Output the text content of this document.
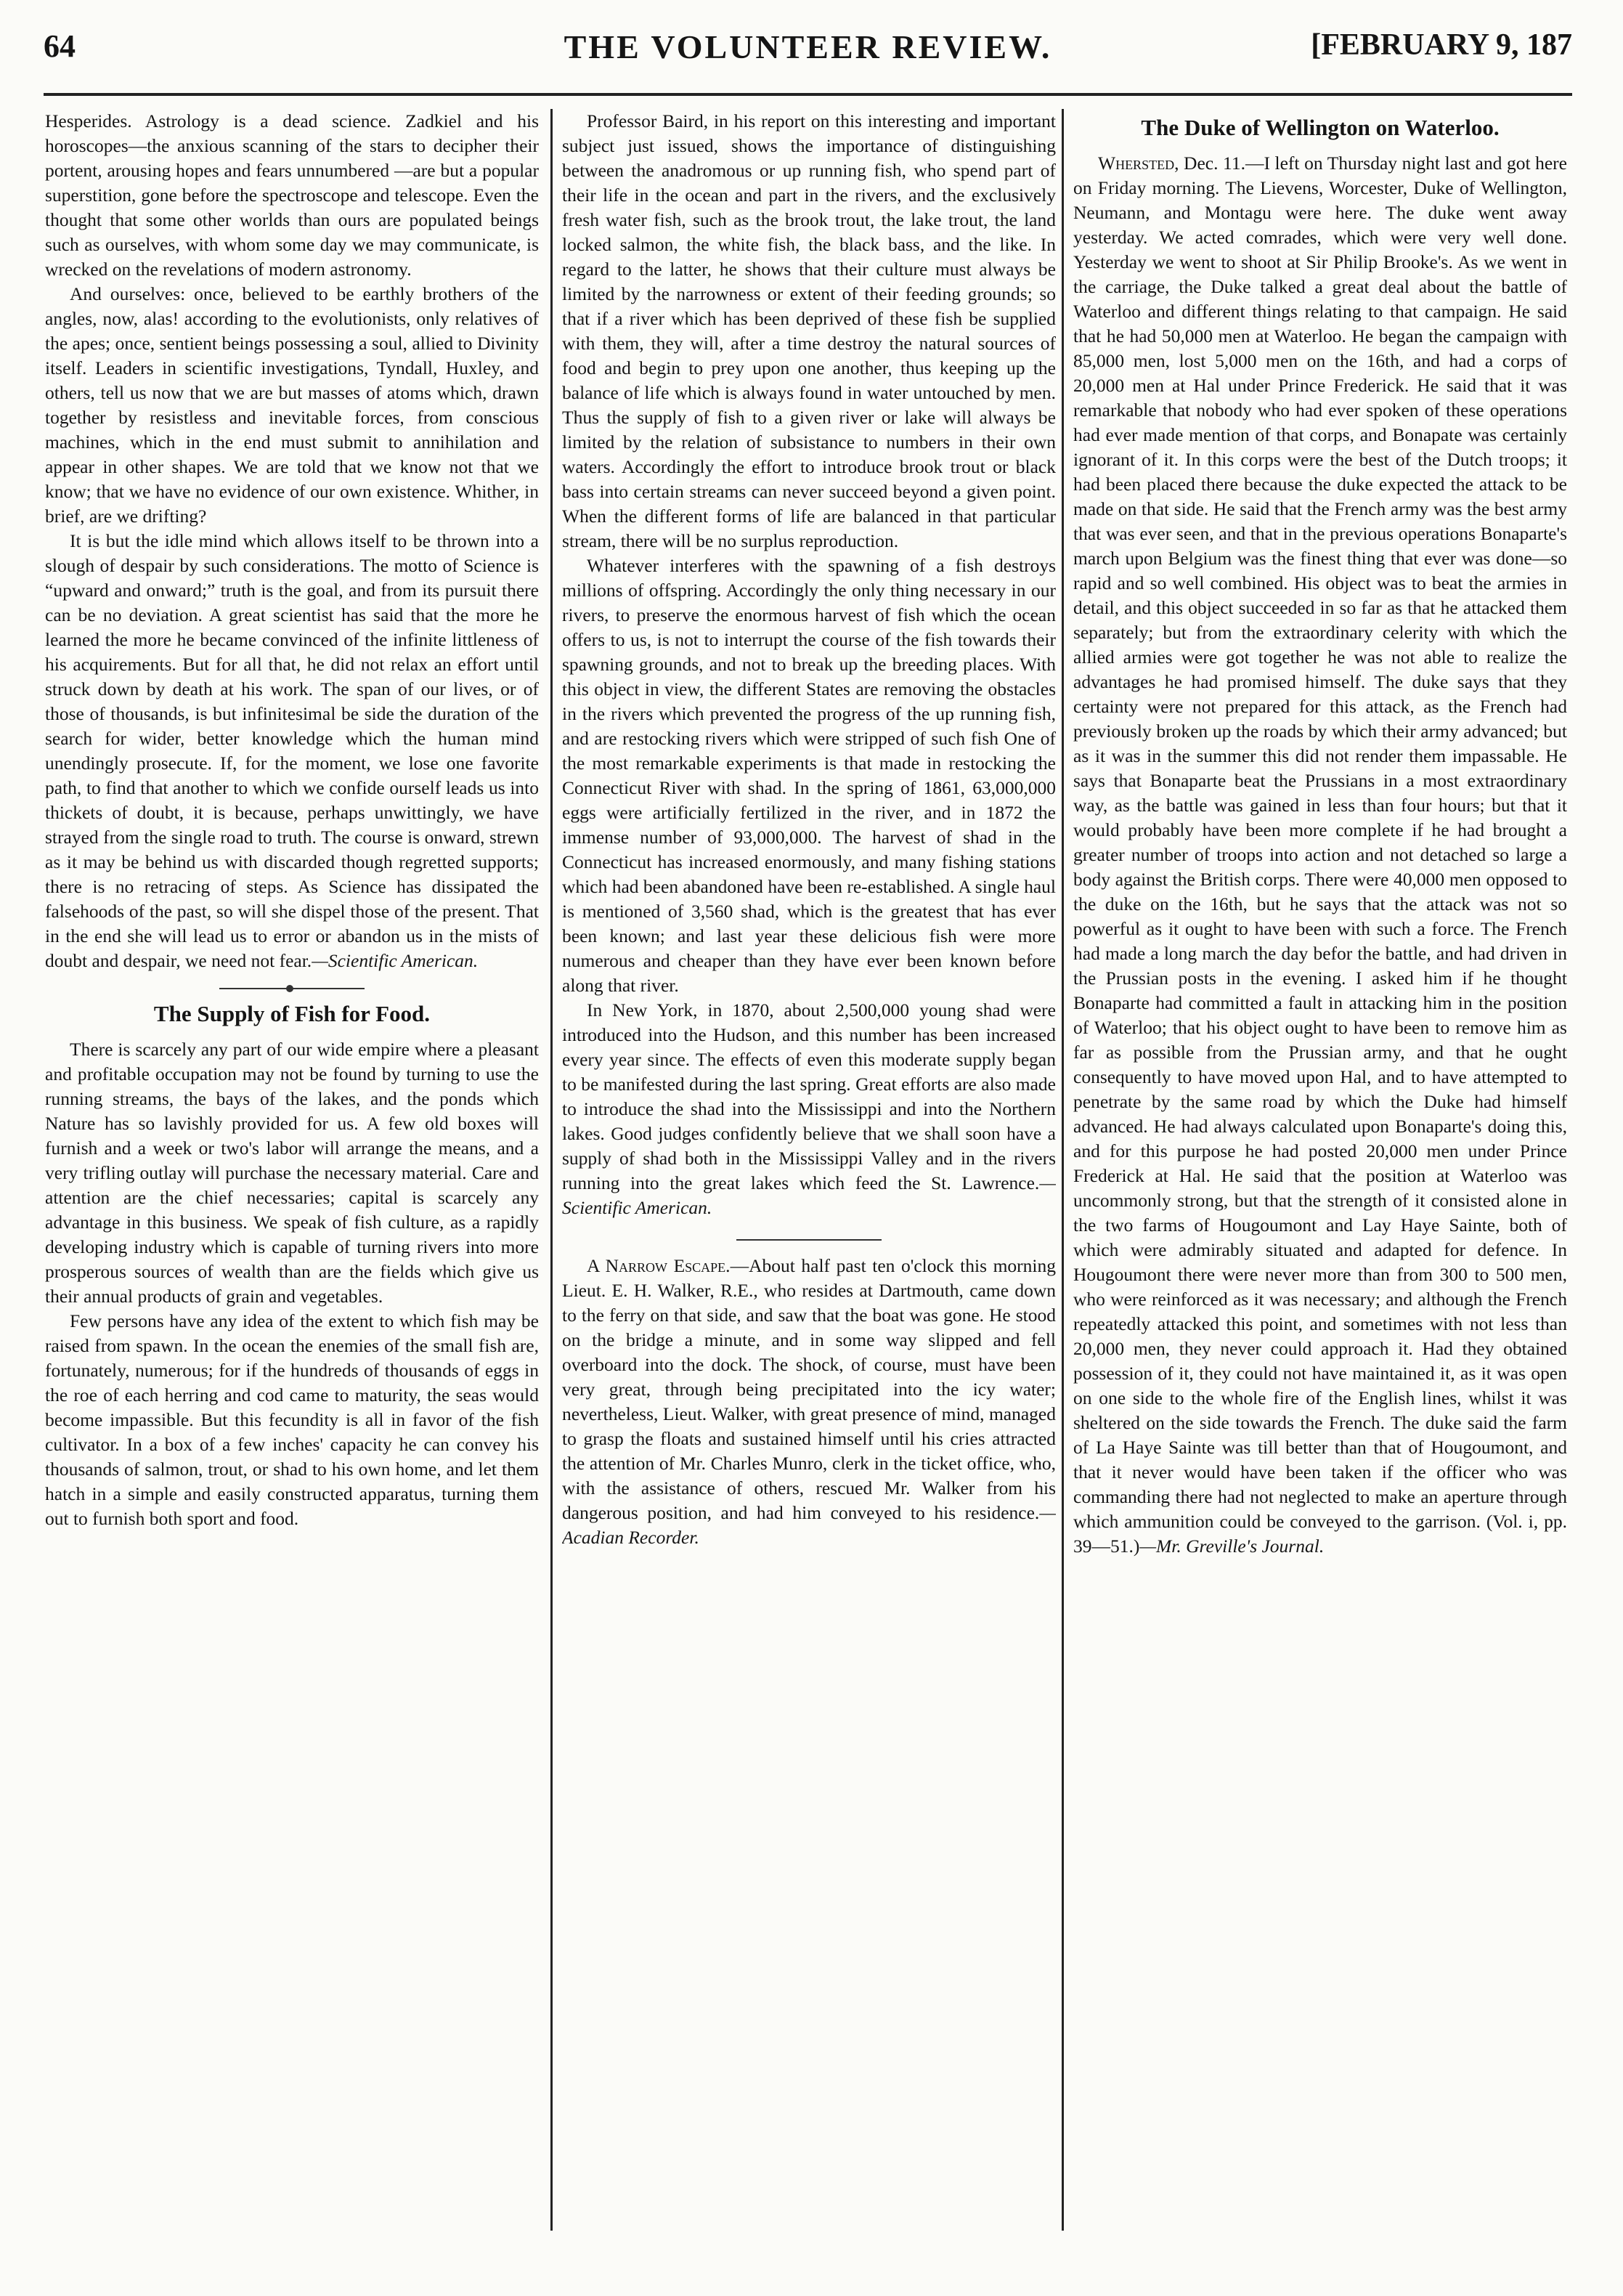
64	THE VOLUNTEER REVIEW.	[FEBRUARY 9, 187

Hesperides. Astrology is a dead science. Zadkiel and his horoscopes—the anxious scanning of the stars to decipher their portent, arousing hopes and fears unnumbered —are but a popular superstition, gone before the spectroscope and telescope. Even the thought that some other worlds than ours are populated beings such as ourselves, with whom some day we may communicate, is wrecked on the revelations of modern astronomy.

And ourselves: once, believed to be earthly brothers of the angles, now, alas! according to the evolutionists, only relatives of the apes; once, sentient beings possessing a soul, allied to Divinity itself. Leaders in scientific investigations, Tyndall, Huxley, and others, tell us now that we are but masses of atoms which, drawn together by resistless and inevitable forces, from conscious machines, which in the end must submit to annihilation and appear in other shapes. We are told that we know not that we know; that we have no evidence of our own existence. Whither, in brief, are we drifting?

It is but the idle mind which allows itself to be thrown into a slough of despair by such considerations. The motto of Science is “upward and onward;” truth is the goal, and from its pursuit there can be no deviation. A great scientist has said that the more he learned the more he became convinced of the infinite littleness of his acquirements. But for all that, he did not relax an effort until struck down by death at his work. The span of our lives, or of those of thousands, is but infinitesimal be side the duration of the search for wider, better knowledge which the human mind unendingly prosecute. If, for the moment, we lose one favorite path, to find that another to which we confide ourself leads us into thickets of doubt, it is because, perhaps unwittingly, we have strayed from the single road to truth. The course is onward, strewn as it may be behind us with discarded though regretted supports; there is no retracing of steps. As Science has dissipated the falsehoods of the past, so will she dispel those of the present. That in the end she will lead us to error or abandon us in the mists of doubt and despair, we need not fear.—Scientific American.

The Supply of Fish for Food.

There is scarcely any part of our wide empire where a pleasant and profitable occupation may not be found by turning to use the running streams, the bays of the lakes, and the ponds which Nature has so lavishly provided for us. A few old boxes will furnish and a week or two's labor will arrange the means, and a very trifling outlay will purchase the necessary material. Care and attention are the chief necessaries; capital is scarcely any advantage in this business. We speak of fish culture, as a rapidly developing industry which is capable of turning rivers into more prosperous sources of wealth than are the fields which give us their annual products of grain and vegetables.

Few persons have any idea of the extent to which fish may be raised from spawn. In the ocean the enemies of the small fish are, fortunately, numerous; for if the hundreds of thousands of eggs in the roe of each herring and cod came to maturity, the seas would become impassible. But this fecundity is all in favor of the fish cultivator. In a box of a few inches' capacity he can convey his thousands of salmon, trout, or shad to his own home, and let them hatch in a simple and easily constructed apparatus, turning them out to furnish both sport and food.

Professor Baird, in his report on this interesting and important subject just issued, shows the importance of distinguishing between the anadromous or up running fish, who spend part of their life in the ocean and part in the rivers, and the exclusively fresh water fish, such as the brook trout, the lake trout, the land locked salmon, the white fish, the black bass, and the like. In regard to the latter, he shows that their culture must always be limited by the narrowness or extent of their feeding grounds; so that if a river which has been deprived of these fish be supplied with them, they will, after a time destroy the natural sources of food and begin to prey upon one another, thus keeping up the balance of life which is always found in water untouched by men. Thus the supply of fish to a given river or lake will always be limited by the relation of subsistance to numbers in their own waters. Accordingly the effort to introduce brook trout or black bass into certain streams can never succeed beyond a given point. When the different forms of life are balanced in that particular stream, there will be no surplus reproduction.

Whatever interferes with the spawning of a fish destroys millions of offspring. Accordingly the only thing necessary in our rivers, to preserve the enormous harvest of fish which the ocean offers to us, is not to interrupt the course of the fish towards their spawning grounds, and not to break up the breeding places. With this object in view, the different States are removing the obstacles in the rivers which prevented the progress of the up running fish, and are restocking rivers which were stripped of such fish One of the most remarkable experiments is that made in restocking the Connecticut River with shad. In the spring of 1861, 63,000,000 eggs were artificially fertilized in the river, and in 1872 the immense number of 93,000,000. The harvest of shad in the Connecticut has increased enormously, and many fishing stations which had been abandoned have been re-established. A single haul is mentioned of 3,560 shad, which is the greatest that has ever been known; and last year these delicious fish were more numerous and cheaper than they have ever been known before along that river.

In New York, in 1870, about 2,500,000 young shad were introduced into the Hudson, and this number has been increased every year since. The effects of even this moderate supply began to be manifested during the last spring. Great efforts are also made to introduce the shad into the Mississippi and into the Northern lakes. Good judges confidently believe that we shall soon have a supply of shad both in the Mississippi Valley and in the rivers running into the great lakes which feed the St. Lawrence.—Scientific American.

A Narrow Escape.—About half past ten o'clock this morning Lieut. E. H. Walker, R.E., who resides at Dartmouth, came down to the ferry on that side, and saw that the boat was gone. He stood on the bridge a minute, and in some way slipped and fell overboard into the dock. The shock, of course, must have been very great, through being precipitated into the icy water; nevertheless, Lieut. Walker, with great presence of mind, managed to grasp the floats and sustained himself until his cries attracted the attention of Mr. Charles Munro, clerk in the ticket office, who, with the assistance of others, rescued Mr. Walker from his dangerous position, and had him conveyed to his residence.—Acadian Recorder.

The Duke of Wellington on Waterloo.

Whersted, Dec. 11.—I left on Thursday night last and got here on Friday morning. The Lievens, Worcester, Duke of Wellington, Neumann, and Montagu were here. The duke went away yesterday. We acted comrades, which were very well done. Yesterday we went to shoot at Sir Philip Brooke's. As we went in the carriage, the Duke talked a great deal about the battle of Waterloo and different things relating to that campaign. He said that he had 50,000 men at Waterloo. He began the campaign with 85,000 men, lost 5,000 men on the 16th, and had a corps of 20,000 men at Hal under Prince Frederick. He said that it was remarkable that nobody who had ever spoken of these operations had ever made mention of that corps, and Bonapate was certainly ignorant of it. In this corps were the best of the Dutch troops; it had been placed there because the duke expected the attack to be made on that side. He said that the French army was the best army that was ever seen, and that in the previous operations Bonaparte's march upon Belgium was the finest thing that ever was done—so rapid and so well combined. His object was to beat the armies in detail, and this object succeeded in so far as that he attacked them separately; but from the extraordinary celerity with which the allied armies were got together he was not able to realize the advantages he had promised himself. The duke says that they certainty were not prepared for this attack, as the French had previously broken up the roads by which their army advanced; but as it was in the summer this did not render them impassable. He says that Bonaparte beat the Prussians in a most extraordinary way, as the battle was gained in less than four hours; but that it would probably have been more complete if he had brought a greater number of troops into action and not detached so large a body against the British corps. There were 40,000 men opposed to the duke on the 16th, but he says that the attack was not so powerful as it ought to have been with such a force. The French had made a long march the day befor the battle, and had driven in the Prussian posts in the evening. I asked him if he thought Bonaparte had committed a fault in attacking him in the position of Waterloo; that his object ought to have been to remove him as far as possible from the Prussian army, and that he ought consequently to have moved upon Hal, and to have attempted to penetrate by the same road by which the Duke had himself advanced. He had always calculated upon Bonaparte's doing this, and for this purpose he had posted 20,000 men under Prince Frederick at Hal. He said that the position at Waterloo was uncommonly strong, but that the strength of it consisted alone in the two farms of Hougoumont and Lay Haye Sainte, both of which were admirably situated and adapted for defence. In Hougoumont there were never more than from 300 to 500 men, who were reinforced as it was necessary; and although the French repeatedly attacked this point, and sometimes with not less than 20,000 men, they never could approach it. Had they obtained possession of it, they could not have maintained it, as it was open on one side to the whole fire of the English lines, whilst it was sheltered on the side towards the French. The duke said the farm of La Haye Sainte was till better than that of Hougoumont, and that it never would have been taken if the officer who was commanding there had not neglected to make an aperture through which ammunition could be conveyed to the garrison. (Vol. i, pp. 39—51.)—Mr. Greville's Journal.
